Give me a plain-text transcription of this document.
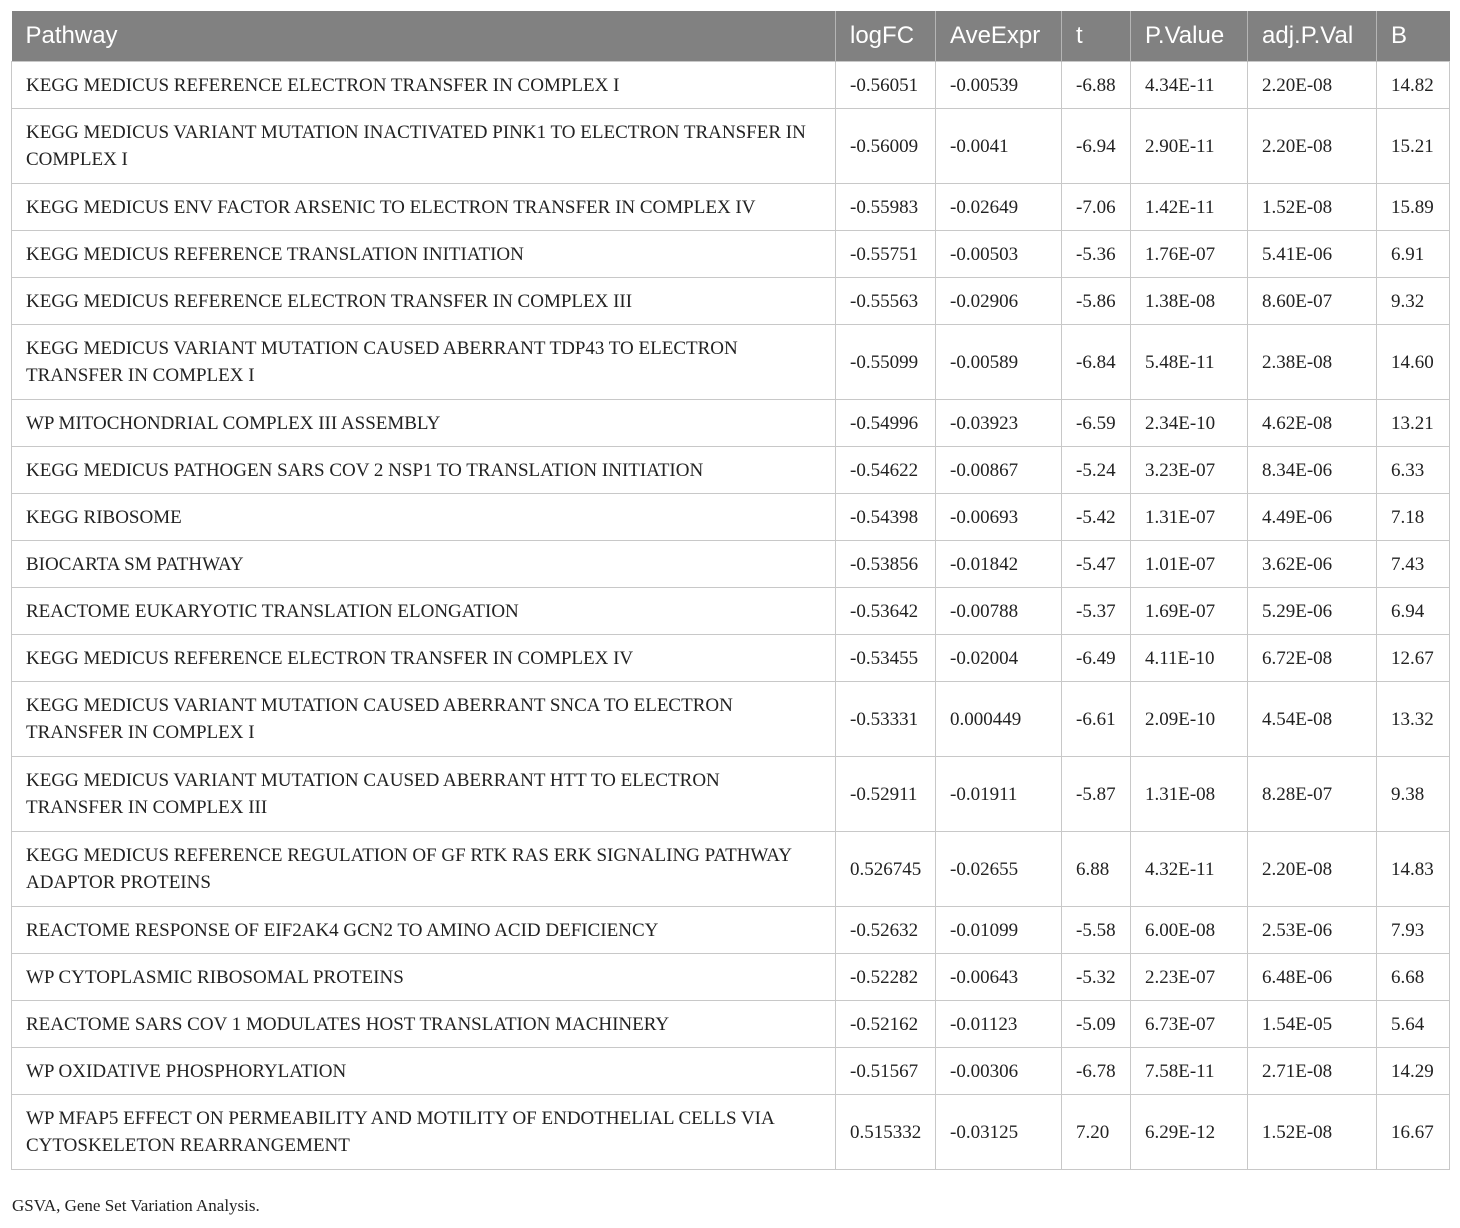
Pathway	logFC	AveExpr	t	P.Value	adj.P.Val	B
KEGG MEDICUS REFERENCE ELECTRON TRANSFER IN COMPLEX I	-0.56051	-0.00539	-6.88	4.34E-11	2.20E-08	14.82
KEGG MEDICUS VARIANT MUTATION INACTIVATED PINK1 TO ELECTRON TRANSFER IN COMPLEX I	-0.56009	-0.0041	-6.94	2.90E-11	2.20E-08	15.21
KEGG MEDICUS ENV FACTOR ARSENIC TO ELECTRON TRANSFER IN COMPLEX IV	-0.55983	-0.02649	-7.06	1.42E-11	1.52E-08	15.89
KEGG MEDICUS REFERENCE TRANSLATION INITIATION	-0.55751	-0.00503	-5.36	1.76E-07	5.41E-06	6.91
KEGG MEDICUS REFERENCE ELECTRON TRANSFER IN COMPLEX III	-0.55563	-0.02906	-5.86	1.38E-08	8.60E-07	9.32
KEGG MEDICUS VARIANT MUTATION CAUSED ABERRANT TDP43 TO ELECTRON TRANSFER IN COMPLEX I	-0.55099	-0.00589	-6.84	5.48E-11	2.38E-08	14.60
WP MITOCHONDRIAL COMPLEX III ASSEMBLY	-0.54996	-0.03923	-6.59	2.34E-10	4.62E-08	13.21
KEGG MEDICUS PATHOGEN SARS COV 2 NSP1 TO TRANSLATION INITIATION	-0.54622	-0.00867	-5.24	3.23E-07	8.34E-06	6.33
KEGG RIBOSOME	-0.54398	-0.00693	-5.42	1.31E-07	4.49E-06	7.18
BIOCARTA SM PATHWAY	-0.53856	-0.01842	-5.47	1.01E-07	3.62E-06	7.43
REACTOME EUKARYOTIC TRANSLATION ELONGATION	-0.53642	-0.00788	-5.37	1.69E-07	5.29E-06	6.94
KEGG MEDICUS REFERENCE ELECTRON TRANSFER IN COMPLEX IV	-0.53455	-0.02004	-6.49	4.11E-10	6.72E-08	12.67
KEGG MEDICUS VARIANT MUTATION CAUSED ABERRANT SNCA TO ELECTRON TRANSFER IN COMPLEX I	-0.53331	0.000449	-6.61	2.09E-10	4.54E-08	13.32
KEGG MEDICUS VARIANT MUTATION CAUSED ABERRANT HTT TO ELECTRON TRANSFER IN COMPLEX III	-0.52911	-0.01911	-5.87	1.31E-08	8.28E-07	9.38
KEGG MEDICUS REFERENCE REGULATION OF GF RTK RAS ERK SIGNALING PATHWAY ADAPTOR PROTEINS	0.526745	-0.02655	6.88	4.32E-11	2.20E-08	14.83
REACTOME RESPONSE OF EIF2AK4 GCN2 TO AMINO ACID DEFICIENCY	-0.52632	-0.01099	-5.58	6.00E-08	2.53E-06	7.93
WP CYTOPLASMIC RIBOSOMAL PROTEINS	-0.52282	-0.00643	-5.32	2.23E-07	6.48E-06	6.68
REACTOME SARS COV 1 MODULATES HOST TRANSLATION MACHINERY	-0.52162	-0.01123	-5.09	6.73E-07	1.54E-05	5.64
WP OXIDATIVE PHOSPHORYLATION	-0.51567	-0.00306	-6.78	7.58E-11	2.71E-08	14.29
WP MFAP5 EFFECT ON PERMEABILITY AND MOTILITY OF ENDOTHELIAL CELLS VIA CYTOSKELETON REARRANGEMENT	0.515332	-0.03125	7.20	6.29E-12	1.52E-08	16.67
GSVA, Gene Set Variation Analysis.
